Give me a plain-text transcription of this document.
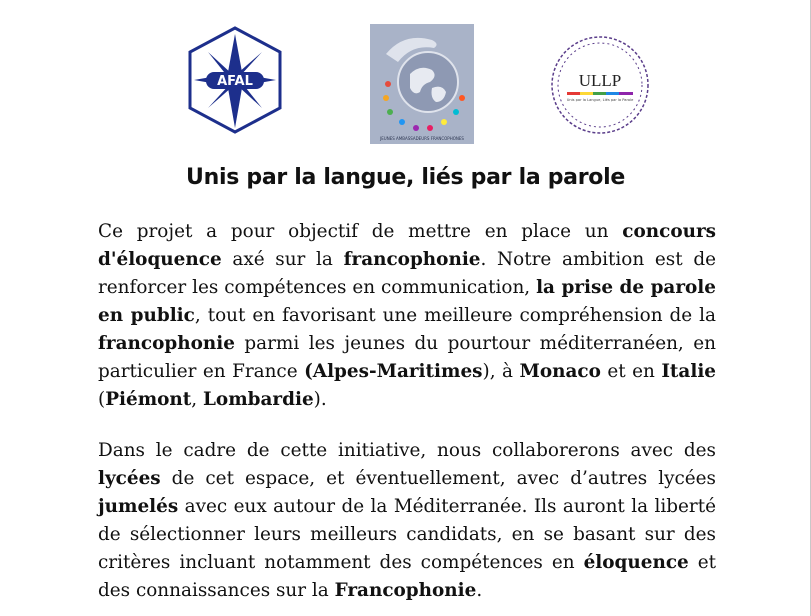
AFAL
JEUNES AMBASSADEURS FRANCOPHONES
ULLP
Unis par la Langue, Liés par la Parole
Unis par la langue, liés par la parole

Ce projet a pour objectif de mettre en place un concours d'éloquence axé sur la francophonie. Notre ambition est de renforcer les compétences en communication, la prise de parole en public, tout en favorisant une meilleure compréhension de la francophonie parmi les jeunes du pourtour méditerranéen, en particulier en France (Alpes-Maritimes), à Monaco et en Italie (Piémont, Lombardie).

Dans le cadre de cette initiative, nous collaborerons avec des lycées de cet espace, et éventuellement, avec d’autres lycées jumelés avec eux autour de la Méditerranée. Ils auront la liberté de sélectionner leurs meilleurs candidats, en se basant sur des critères incluant notamment des compétences en éloquence et des connaissances sur la Francophonie.
